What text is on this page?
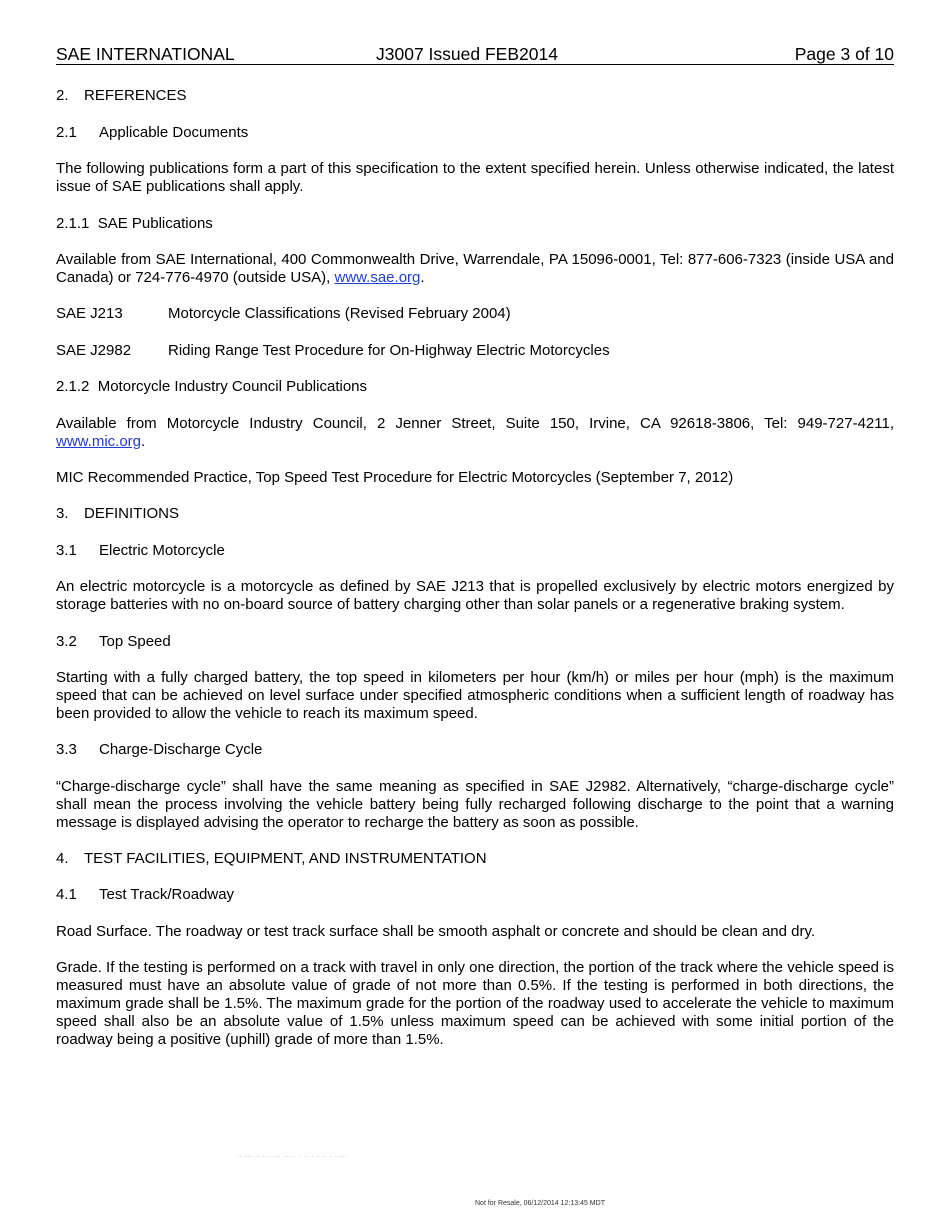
SAE INTERNATIONAL	J3007 Issued FEB2014	Page 3 of 10
2. REFERENCES
2.1 Applicable Documents
The following publications form a part of this specification to the extent specified herein. Unless otherwise indicated, the latest issue of SAE publications shall apply.
2.1.1 SAE Publications
Available from SAE International, 400 Commonwealth Drive, Warrendale, PA 15096-0001, Tel: 877-606-7323 (inside USA and Canada) or 724-776-4970 (outside USA), www.sae.org.
SAE J213	Motorcycle Classifications (Revised February 2004)
SAE J2982 Riding Range Test Procedure for On-Highway Electric Motorcycles
2.1.2 Motorcycle Industry Council Publications
Available from Motorcycle Industry Council, 2 Jenner Street, Suite 150, Irvine, CA 92618-3806, Tel: 949-727-4211, www.mic.org.
MIC Recommended Practice, Top Speed Test Procedure for Electric Motorcycles (September 7, 2012)
3. DEFINITIONS
3.1 Electric Motorcycle
An electric motorcycle is a motorcycle as defined by SAE J213 that is propelled exclusively by electric motors energized by storage batteries with no on-board source of battery charging other than solar panels or a regenerative braking system.
3.2 Top Speed
Starting with a fully charged battery, the top speed in kilometers per hour (km/h) or miles per hour (mph) is the maximum speed that can be achieved on level surface under specified atmospheric conditions when a sufficient length of roadway has been provided to allow the vehicle to reach its maximum speed.
3.3 Charge-Discharge Cycle
“Charge-discharge cycle” shall have the same meaning as specified in SAE J2982. Alternatively, “charge-discharge cycle” shall mean the process involving the vehicle battery being fully recharged following discharge to the point that a warning message is displayed advising the operator to recharge the battery as soon as possible.
4. TEST FACILITIES, EQUIPMENT, AND INSTRUMENTATION
4.1 Test Track/Roadway
Road Surface. The roadway or test track surface shall be smooth asphalt or concrete and should be clean and dry.
Grade. If the testing is performed on a track with travel in only one direction, the portion of the track where the vehicle speed is measured must have an absolute value of grade of not more than 0.5%. If the testing is performed in both directions, the maximum grade shall be 1.5%. The maximum grade for the portion of the roadway used to accelerate the vehicle to maximum speed shall also be an absolute value of 1.5% unless maximum speed can be achieved with some initial portion of the roadway being a positive (uphill) grade of more than 1.5%.
-- --- -- ---- -- ----- - -- - - -- - - ---
Not for Resale, 06/12/2014 12:13:45 MDT
